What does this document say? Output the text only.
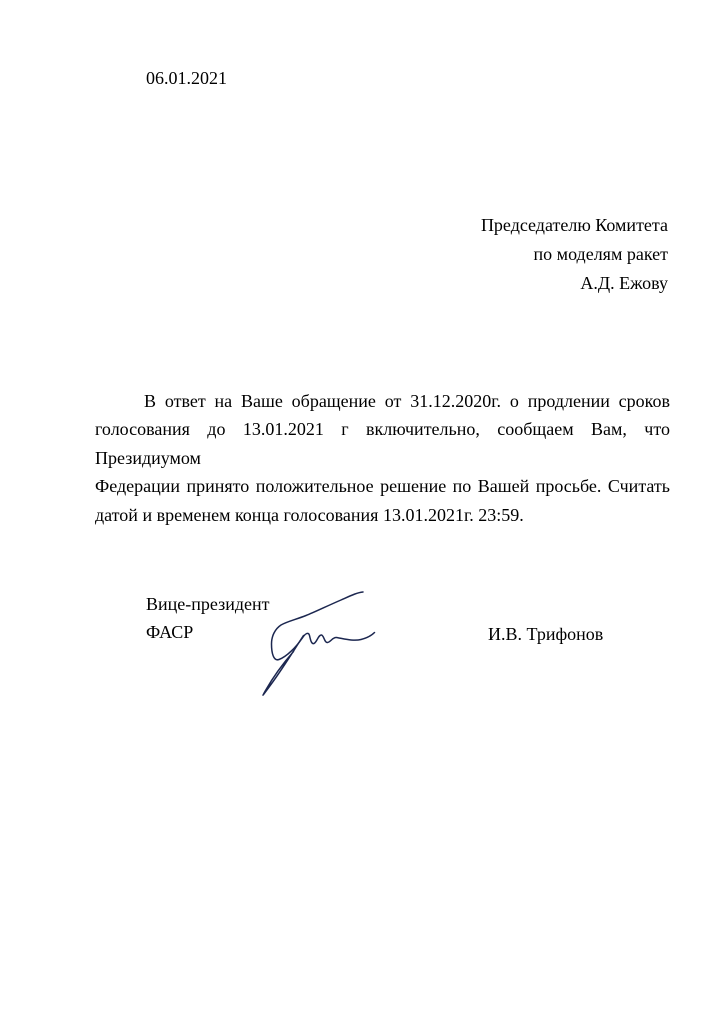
06.01.2021
Председателю Комитета
по моделям ракет
А.Д. Ежову
В ответ на Ваше обращение от 31.12.2020г. о продлении сроков
голосования до 13.01.2021 г включительно, сообщаем Вам, что Президиумом
Федерации принято положительное решение по Вашей просьбе. Считать
датой и временем конца голосования 13.01.2021г. 23:59.
Вице-президент
ФАСР	И.В. Трифонов
